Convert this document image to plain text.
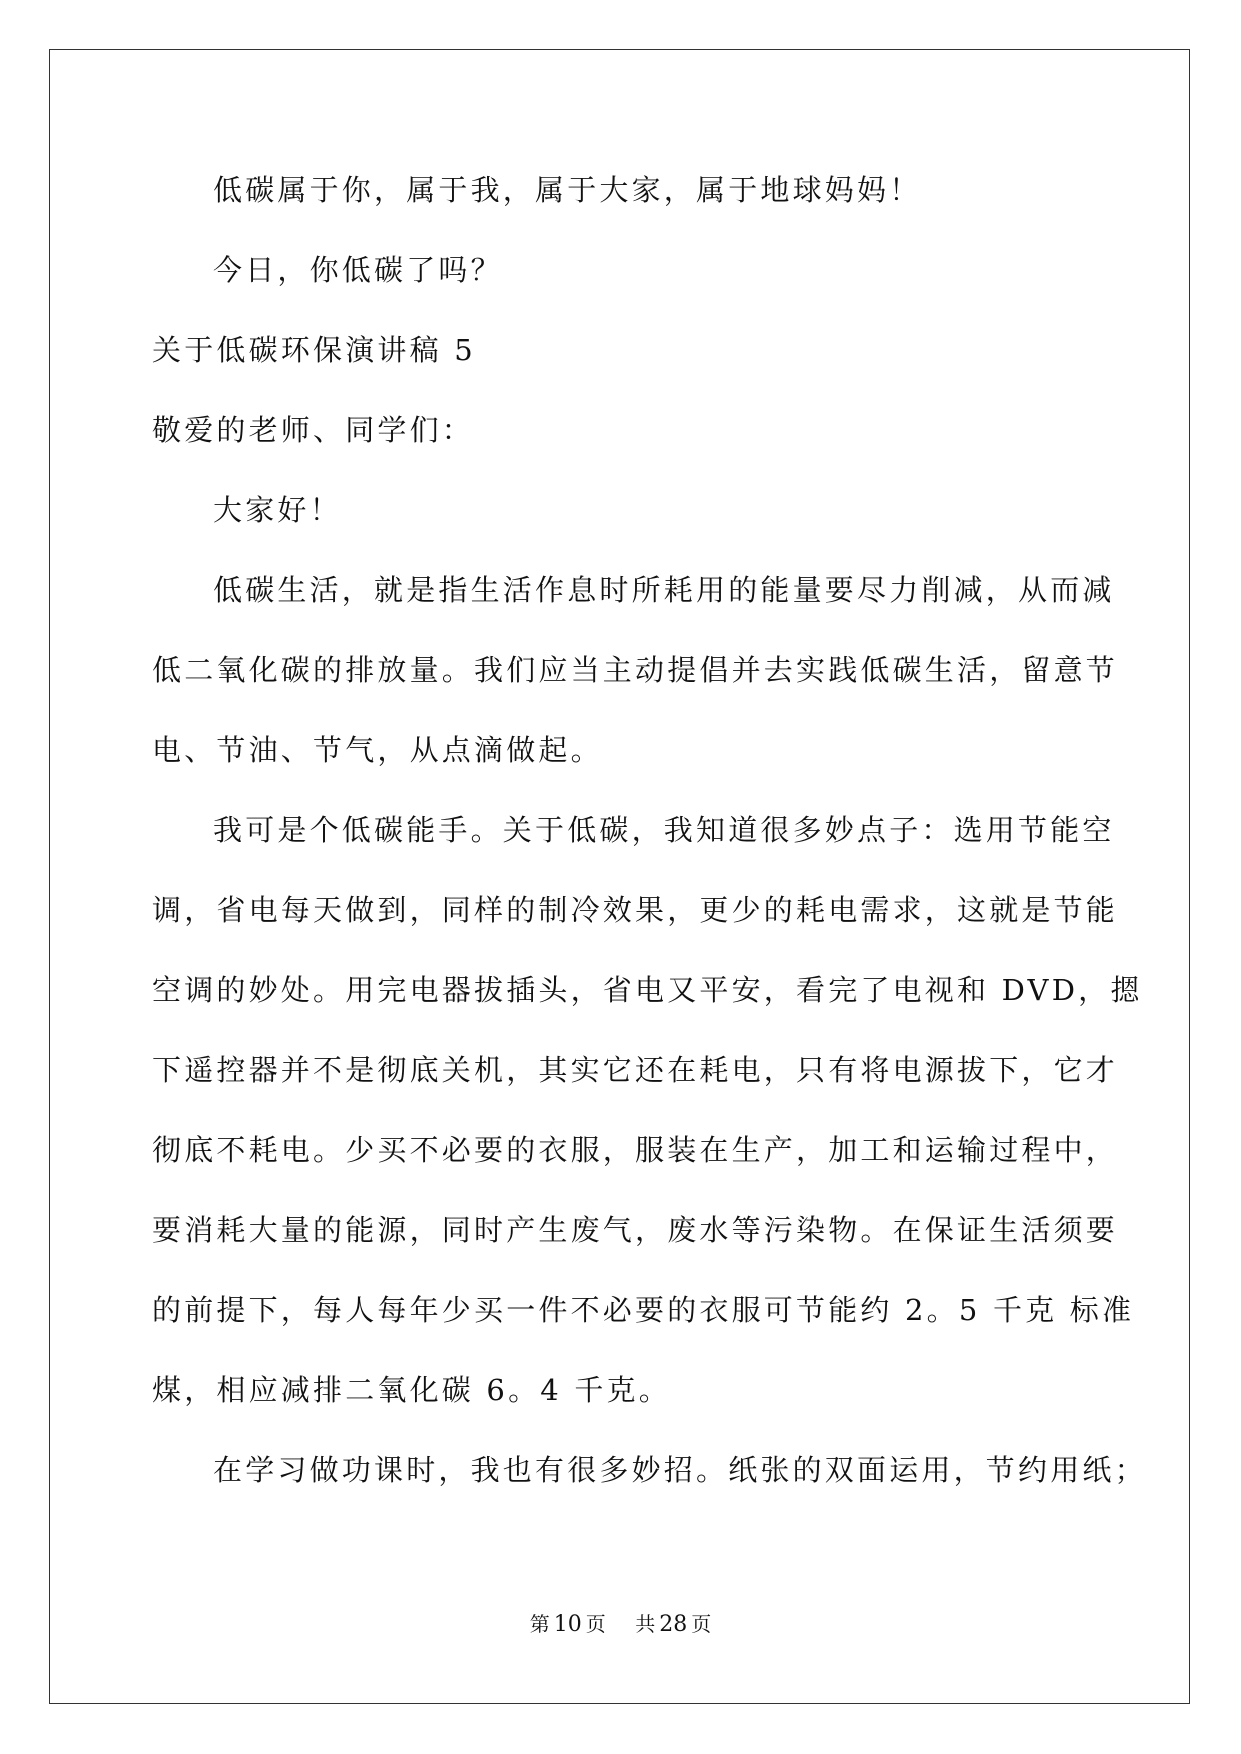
低碳属于你，属于我，属于大家，属于地球妈妈！
今日，你低碳了吗？
关于低碳环保演讲稿 5
敬爱的老师、同学们：
大家好！
低碳生活，就是指生活作息时所耗用的能量要尽力削减，从而减
低二氧化碳的排放量。我们应当主动提倡并去实践低碳生活，留意节
电、节油、节气，从点滴做起。
我可是个低碳能手。关于低碳，我知道很多妙点子：选用节能空
调，省电每天做到，同样的制冷效果，更少的耗电需求，这就是节能
空调的妙处。用完电器拔插头，省电又平安，看完了电视和 DVD，摁
下遥控器并不是彻底关机，其实它还在耗电，只有将电源拔下，它才
彻底不耗电。少买不必要的衣服，服装在生产，加工和运输过程中，
要消耗大量的能源，同时产生废气，废水等污染物。在保证生活须要
的前提下，每人每年少买一件不必要的衣服可节能约 2。5 千克 标准
煤，相应减排二氧化碳 6。4 千克。
在学习做功课时，我也有很多妙招。纸张的双面运用，节约用纸；
第 10 页 共 28 页
